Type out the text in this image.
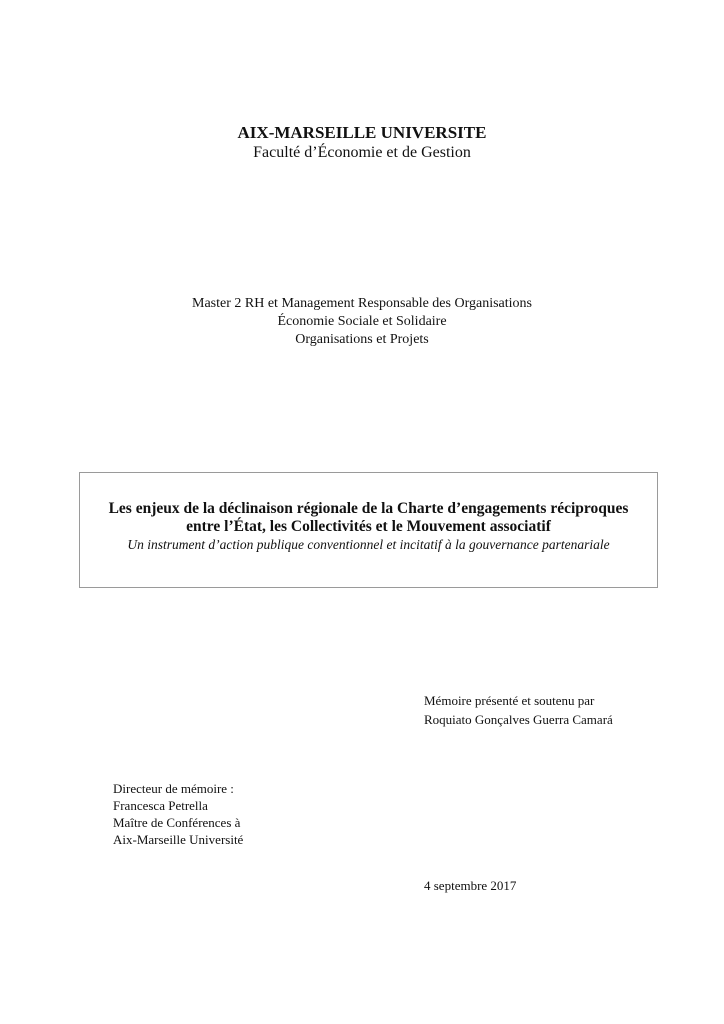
AIX-MARSEILLE UNIVERSITE
Faculté d’Économie et de Gestion
Master 2 RH et Management Responsable des Organisations
Économie Sociale et Solidaire
Organisations et Projets
Les enjeux de la déclinaison régionale de la Charte d’engagements réciproques
entre l’État, les Collectivités et le Mouvement associatif
Un instrument d’action publique conventionnel et incitatif à la gouvernance partenariale
Mémoire présenté et soutenu par
Roquiato Gonçalves Guerra Camará
Directeur de mémoire :
Francesca Petrella
Maître de Conférences à
Aix-Marseille Université
4 septembre 2017
